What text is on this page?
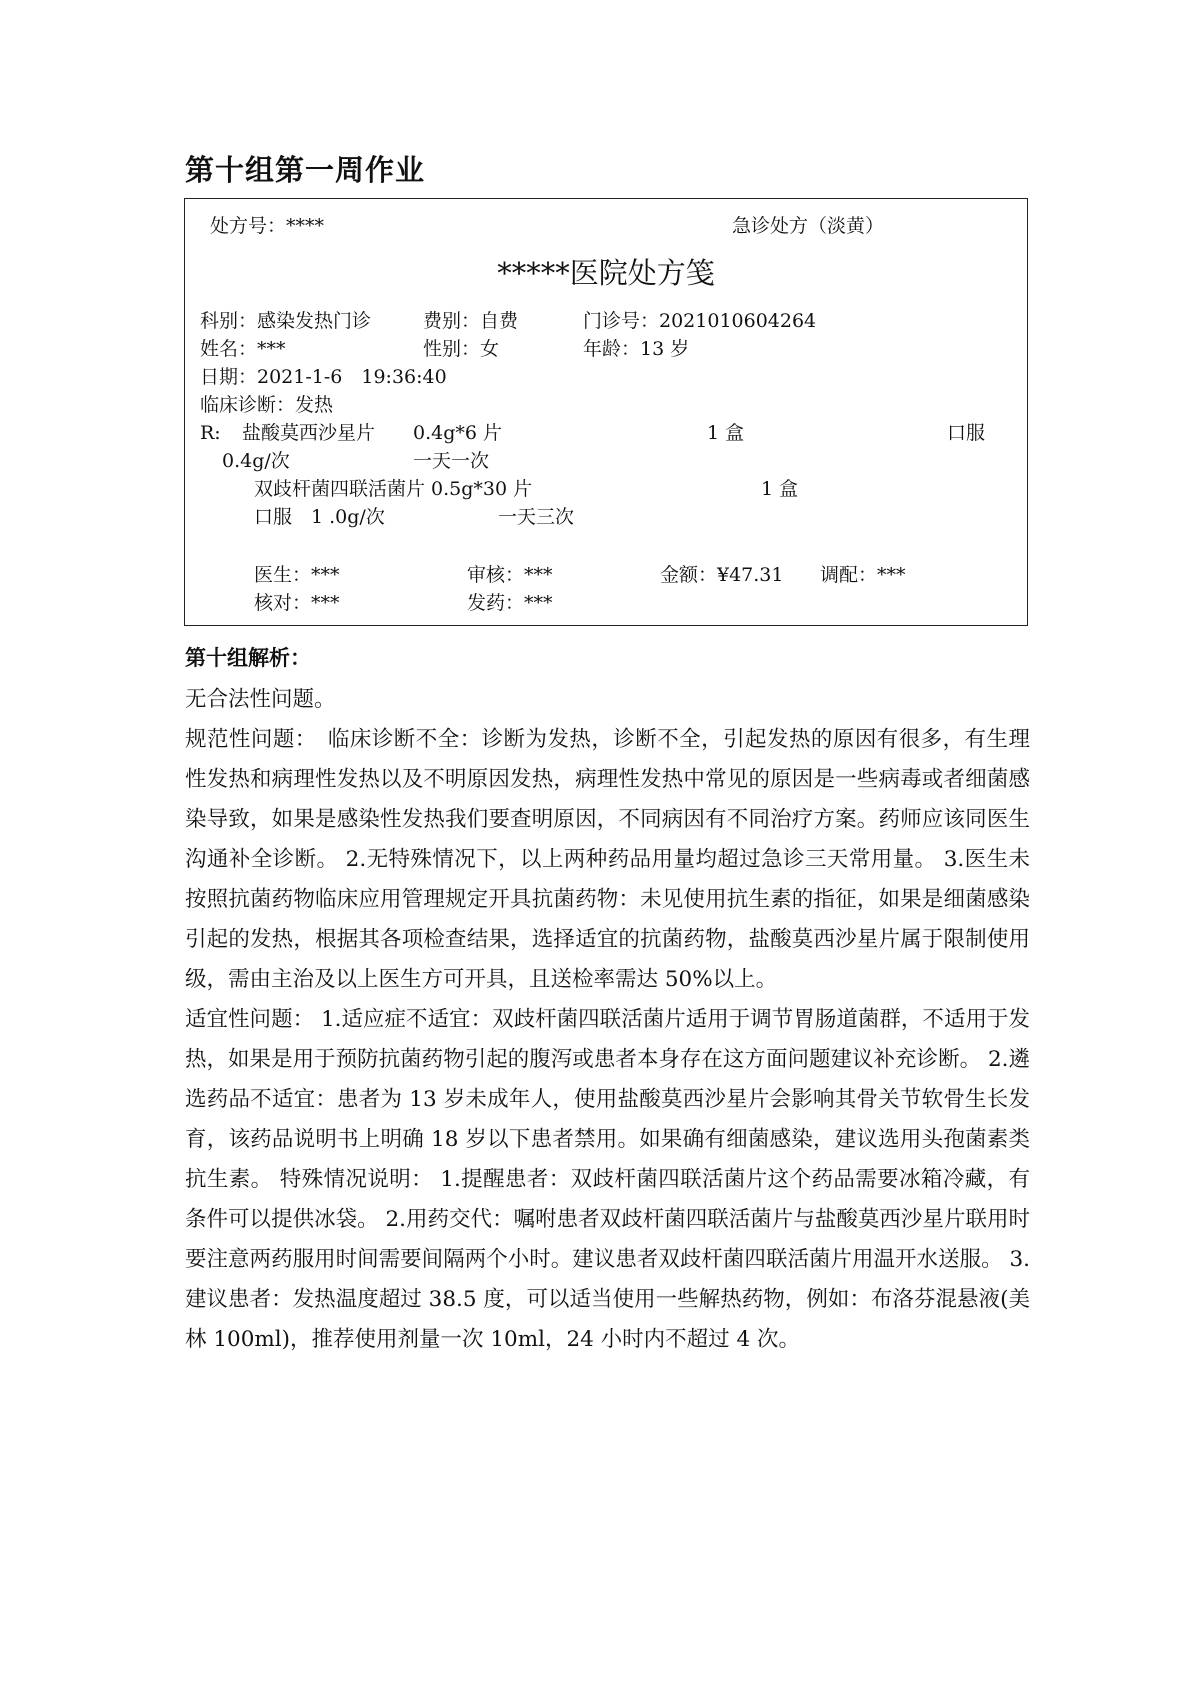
第十组第一周作业
处方号：****	急诊处方（淡黄）
*****医院处方笺
科别：感染发热门诊	费别：自费	门诊号：2021010604264
姓名：***	性别：女	年龄：13 岁
日期：2021-1-6　19:36:40
临床诊断：发热
R: 盐酸莫西沙星片　　0.4g*6 片	1 盒	口服
0.4g/次	一天一次
双歧杆菌四联活菌片 0.5g*30 片	1 盒
口服　1 .0g/次	一天三次
医生：***	审核：***	金额：¥47.31 调配：***
核对：***	发药：***
第十组解析：

无合法性问题。

规范性问题：　临床诊断不全：诊断为发热，诊断不全，引起发热的原因有很多，有生理性发热和病理性发热以及不明原因发热，病理性发热中常见的原因是一些病毒或者细菌感染导致，如果是感染性发热我们要查明原因，不同病因有不同治疗方案。药师应该同医生沟通补全诊断。 2.无特殊情况下，以上两种药品用量均超过急诊三天常用量。 3.医生未按照抗菌药物临床应用管理规定开具抗菌药物：未见使用抗生素的指征，如果是细菌感染引起的发热，根据其各项检查结果，选择适宜的抗菌药物，盐酸莫西沙星片属于限制使用级，需由主治及以上医生方可开具，且送检率需达 50%以上。

适宜性问题： 1.适应症不适宜：双歧杆菌四联活菌片适用于调节胃肠道菌群，不适用于发热，如果是用于预防抗菌药物引起的腹泻或患者本身存在这方面问题建议补充诊断。 2.遴选药品不适宜：患者为 13 岁未成年人，使用盐酸莫西沙星片会影响其骨关节软骨生长发育，该药品说明书上明确 18 岁以下患者禁用。如果确有细菌感染，建议选用头孢菌素类抗生素。 特殊情况说明： 1.提醒患者：双歧杆菌四联活菌片这个药品需要冰箱冷藏，有条件可以提供冰袋。 2.用药交代：嘱咐患者双歧杆菌四联活菌片与盐酸莫西沙星片联用时要注意两药服用时间需要间隔两个小时。建议患者双歧杆菌四联活菌片用温开水送服。 3.建议患者：发热温度超过 38.5 度，可以适当使用一些解热药物，例如：布洛芬混悬液(美林 100ml)，推荐使用剂量一次 10ml，24 小时内不超过 4 次。
